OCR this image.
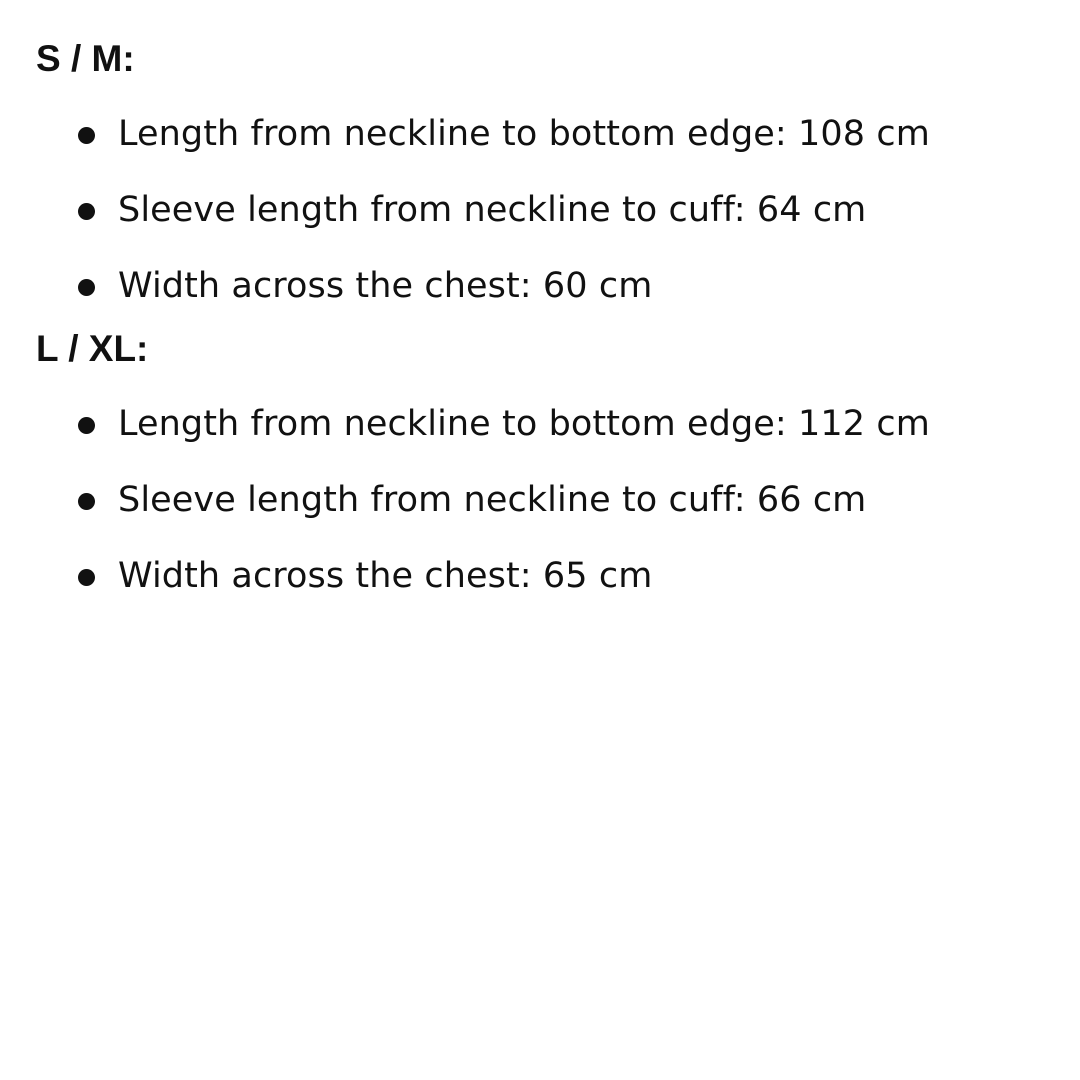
S / M:
Length from neckline to bottom edge: 108 cm
Sleeve length from neckline to cuff: 64 cm
Width across the chest: 60 cm
L / XL:
Length from neckline to bottom edge: 112 cm
Sleeve length from neckline to cuff: 66 cm
Width across the chest: 65 cm
